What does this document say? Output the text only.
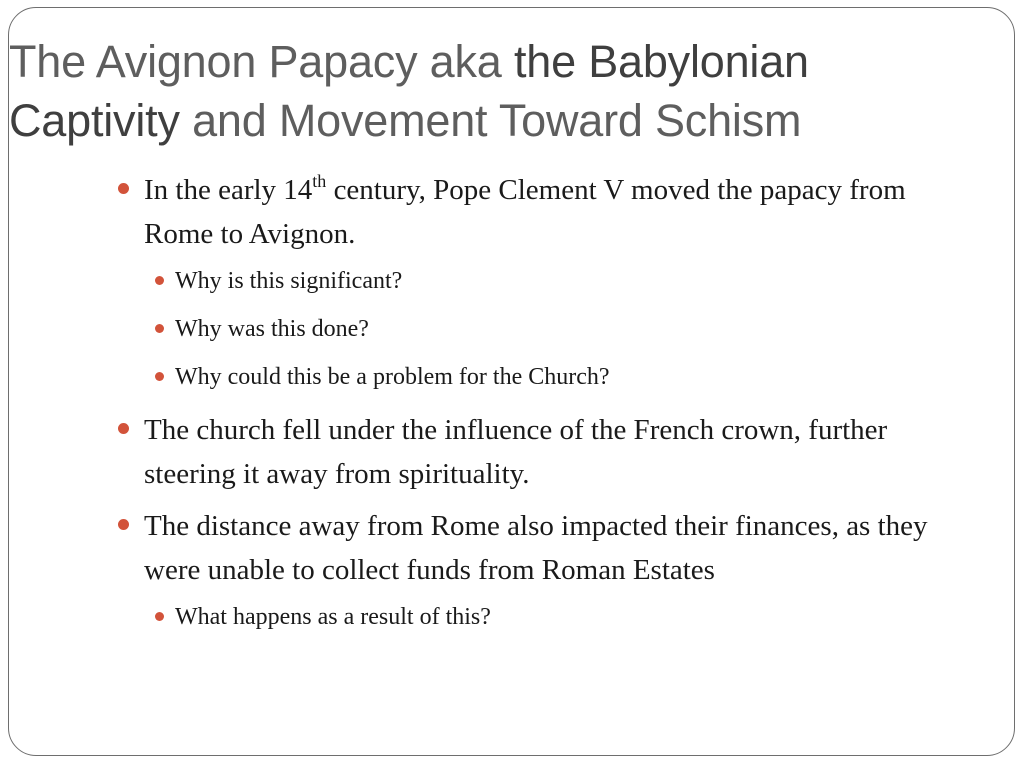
The Avignon Papacy aka the Babylonian Captivity and Movement Toward Schism
In the early 14th century, Pope Clement V moved the papacy from Rome to Avignon.
Why is this significant?
Why was this done?
Why could this be a problem for the Church?
The church fell under the influence of the French crown, further steering it away from spirituality.
The distance away from Rome also impacted their finances, as they were unable to collect funds from Roman Estates
What happens as a result of this?
